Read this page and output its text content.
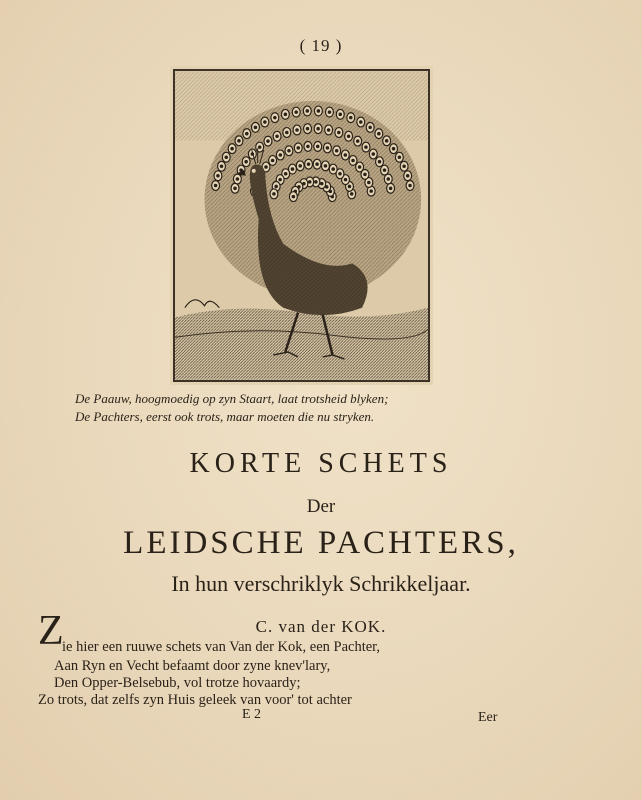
( 19 )
De Paauw, hoogmoedig op zyn Staart, laat trotsheid blyken;
De Pachters, eerst ook trots, maar moeten die nu stryken.
KORTE SCHETS
Der
LEIDSCHE PACHTERS,
In hun verschriklyk Schrikkeljaar.
C. van der KOK.
Z
ie hier een ruuwe schets van Van der Kok, een Pachter,
Aan Ryn en Vecht befaamt door zyne knev'lary,
Den Opper-Belsebub, vol trotze hovaardy;
Zo trots, dat zelfs zyn Huis geleek van voor' tot achter
E 2	Eer
